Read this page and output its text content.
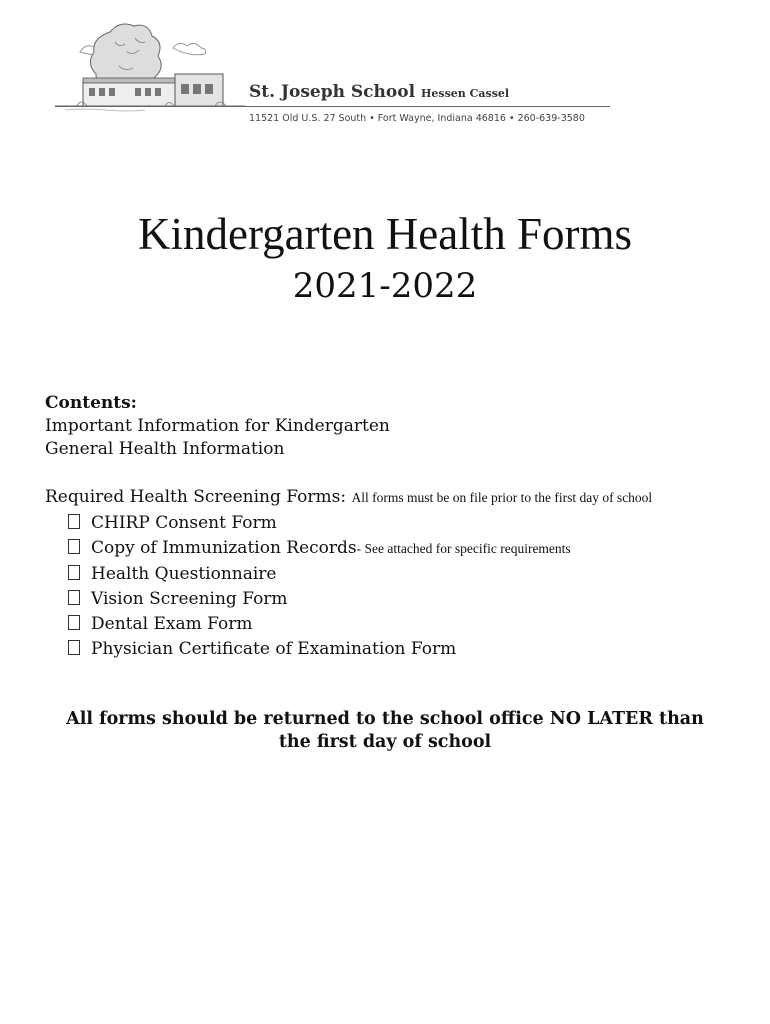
St. Joseph School Hessen Cassel
11521 Old U.S. 27 South • Fort Wayne, Indiana 46816 • 260-639-3580
Kindergarten Health Forms
2021-2022
Contents:
Important Information for Kindergarten
General Health Information
Required Health Screening Forms: All forms must be on file prior to the first day of school
CHIRP Consent Form
Copy of Immunization Records- See attached for specific requirements
Health Questionnaire
Vision Screening Form
Dental Exam Form
Physician Certificate of Examination Form
All forms should be returned to the school office NO LATER than
the first day of school
